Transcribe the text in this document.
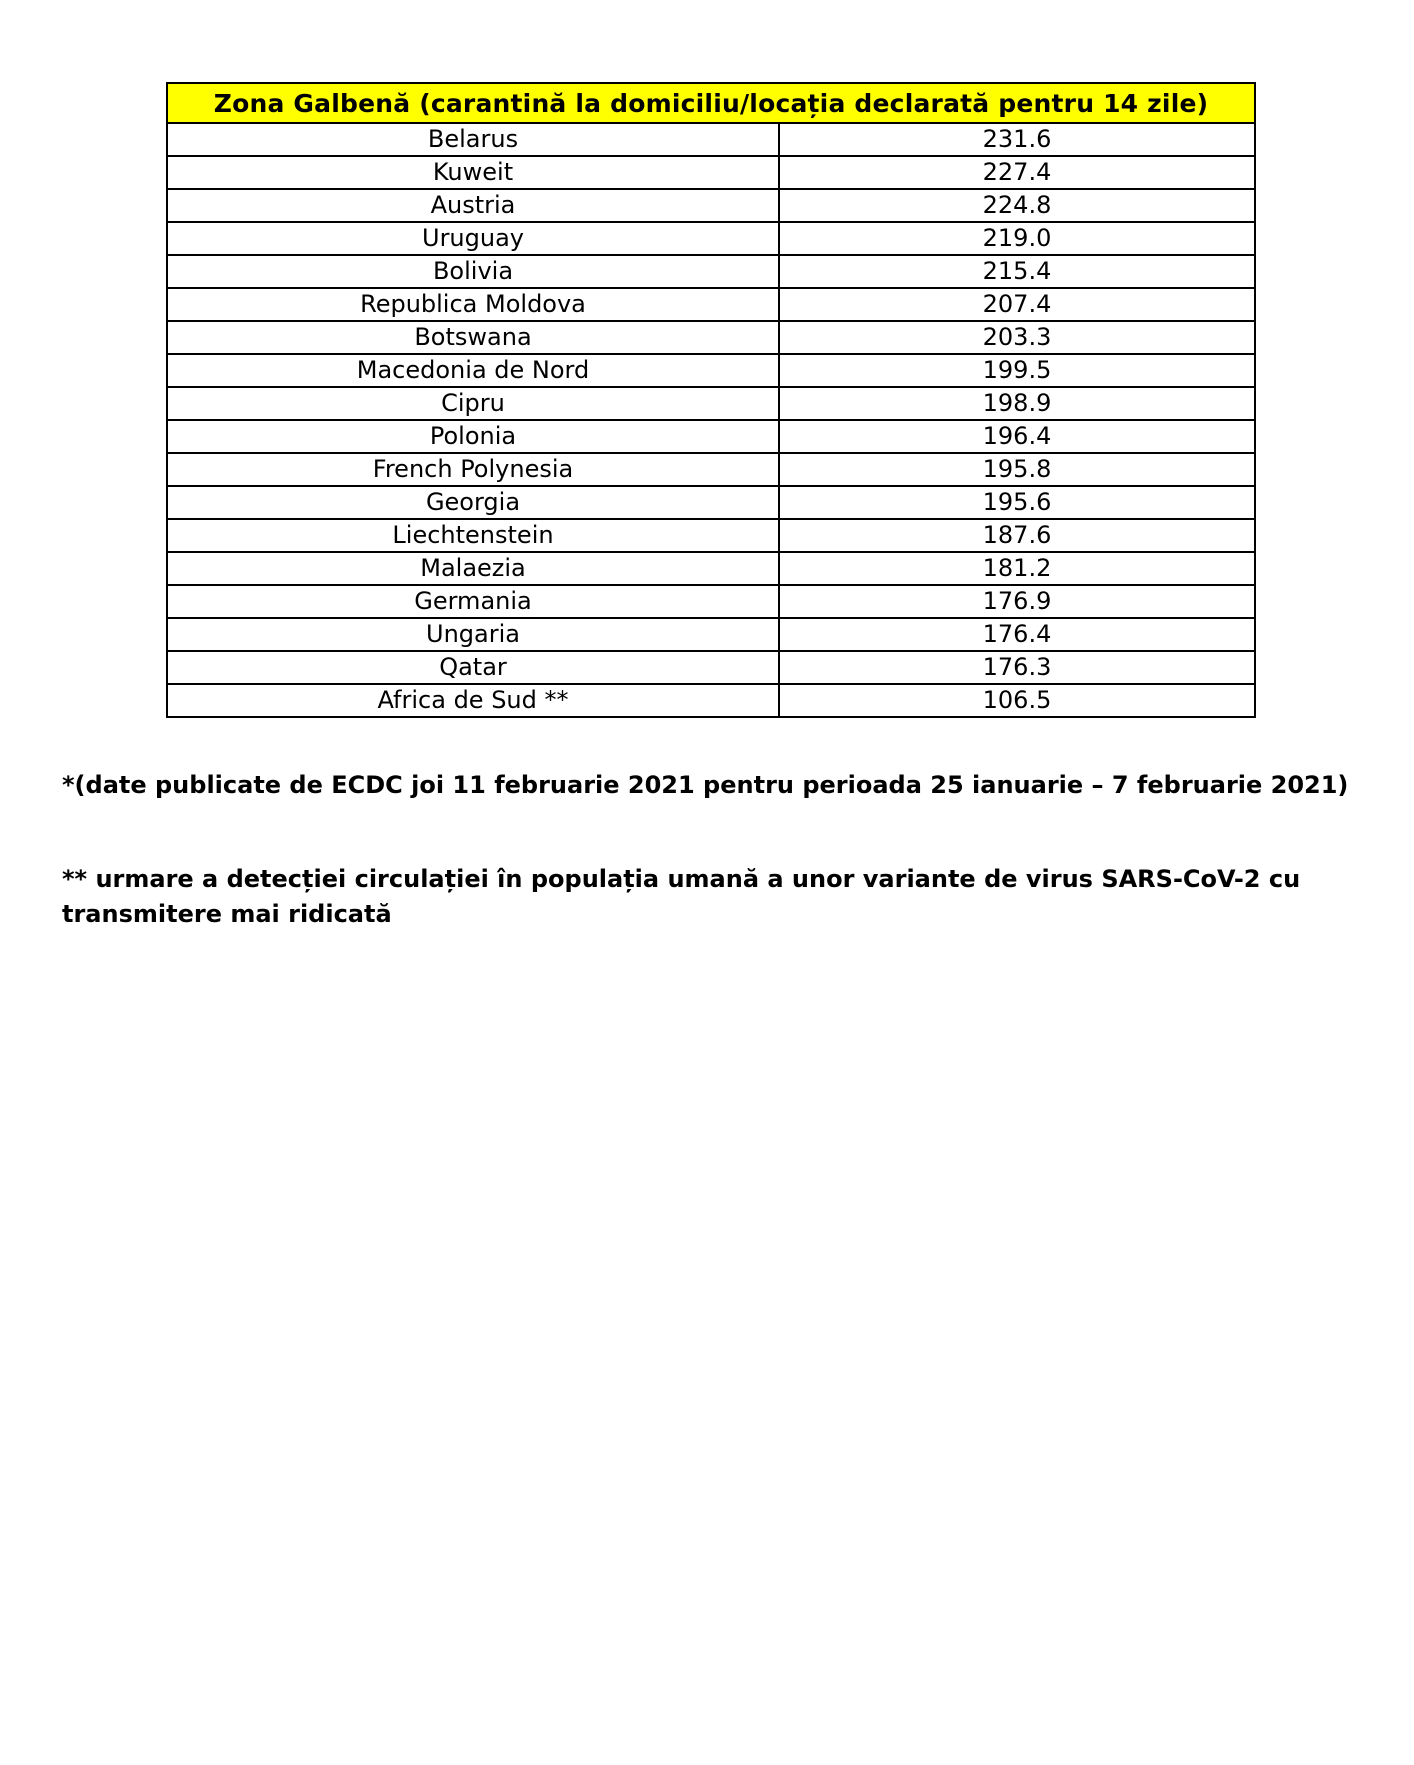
Zona Galbenă (carantină la domiciliu/locația declarată pentru 14 zile)	
Belarus	231.6
Kuweit	227.4
Austria	224.8
Uruguay	219.0
Bolivia	215.4
Republica Moldova	207.4
Botswana	203.3
Macedonia de Nord	199.5
Cipru	198.9
Polonia	196.4
French Polynesia	195.8
Georgia	195.6
Liechtenstein	187.6
Malaezia	181.2
Germania	176.9
Ungaria	176.4
Qatar	176.3
Africa de Sud **	106.5

*(date publicate de ECDC joi 11 februarie 2021 pentru perioada 25 ianuarie – 7 februarie 2021)

** urmare a detecției circulației în populația umană a unor variante de virus SARS-CoV-2 cu transmitere mai ridicată
